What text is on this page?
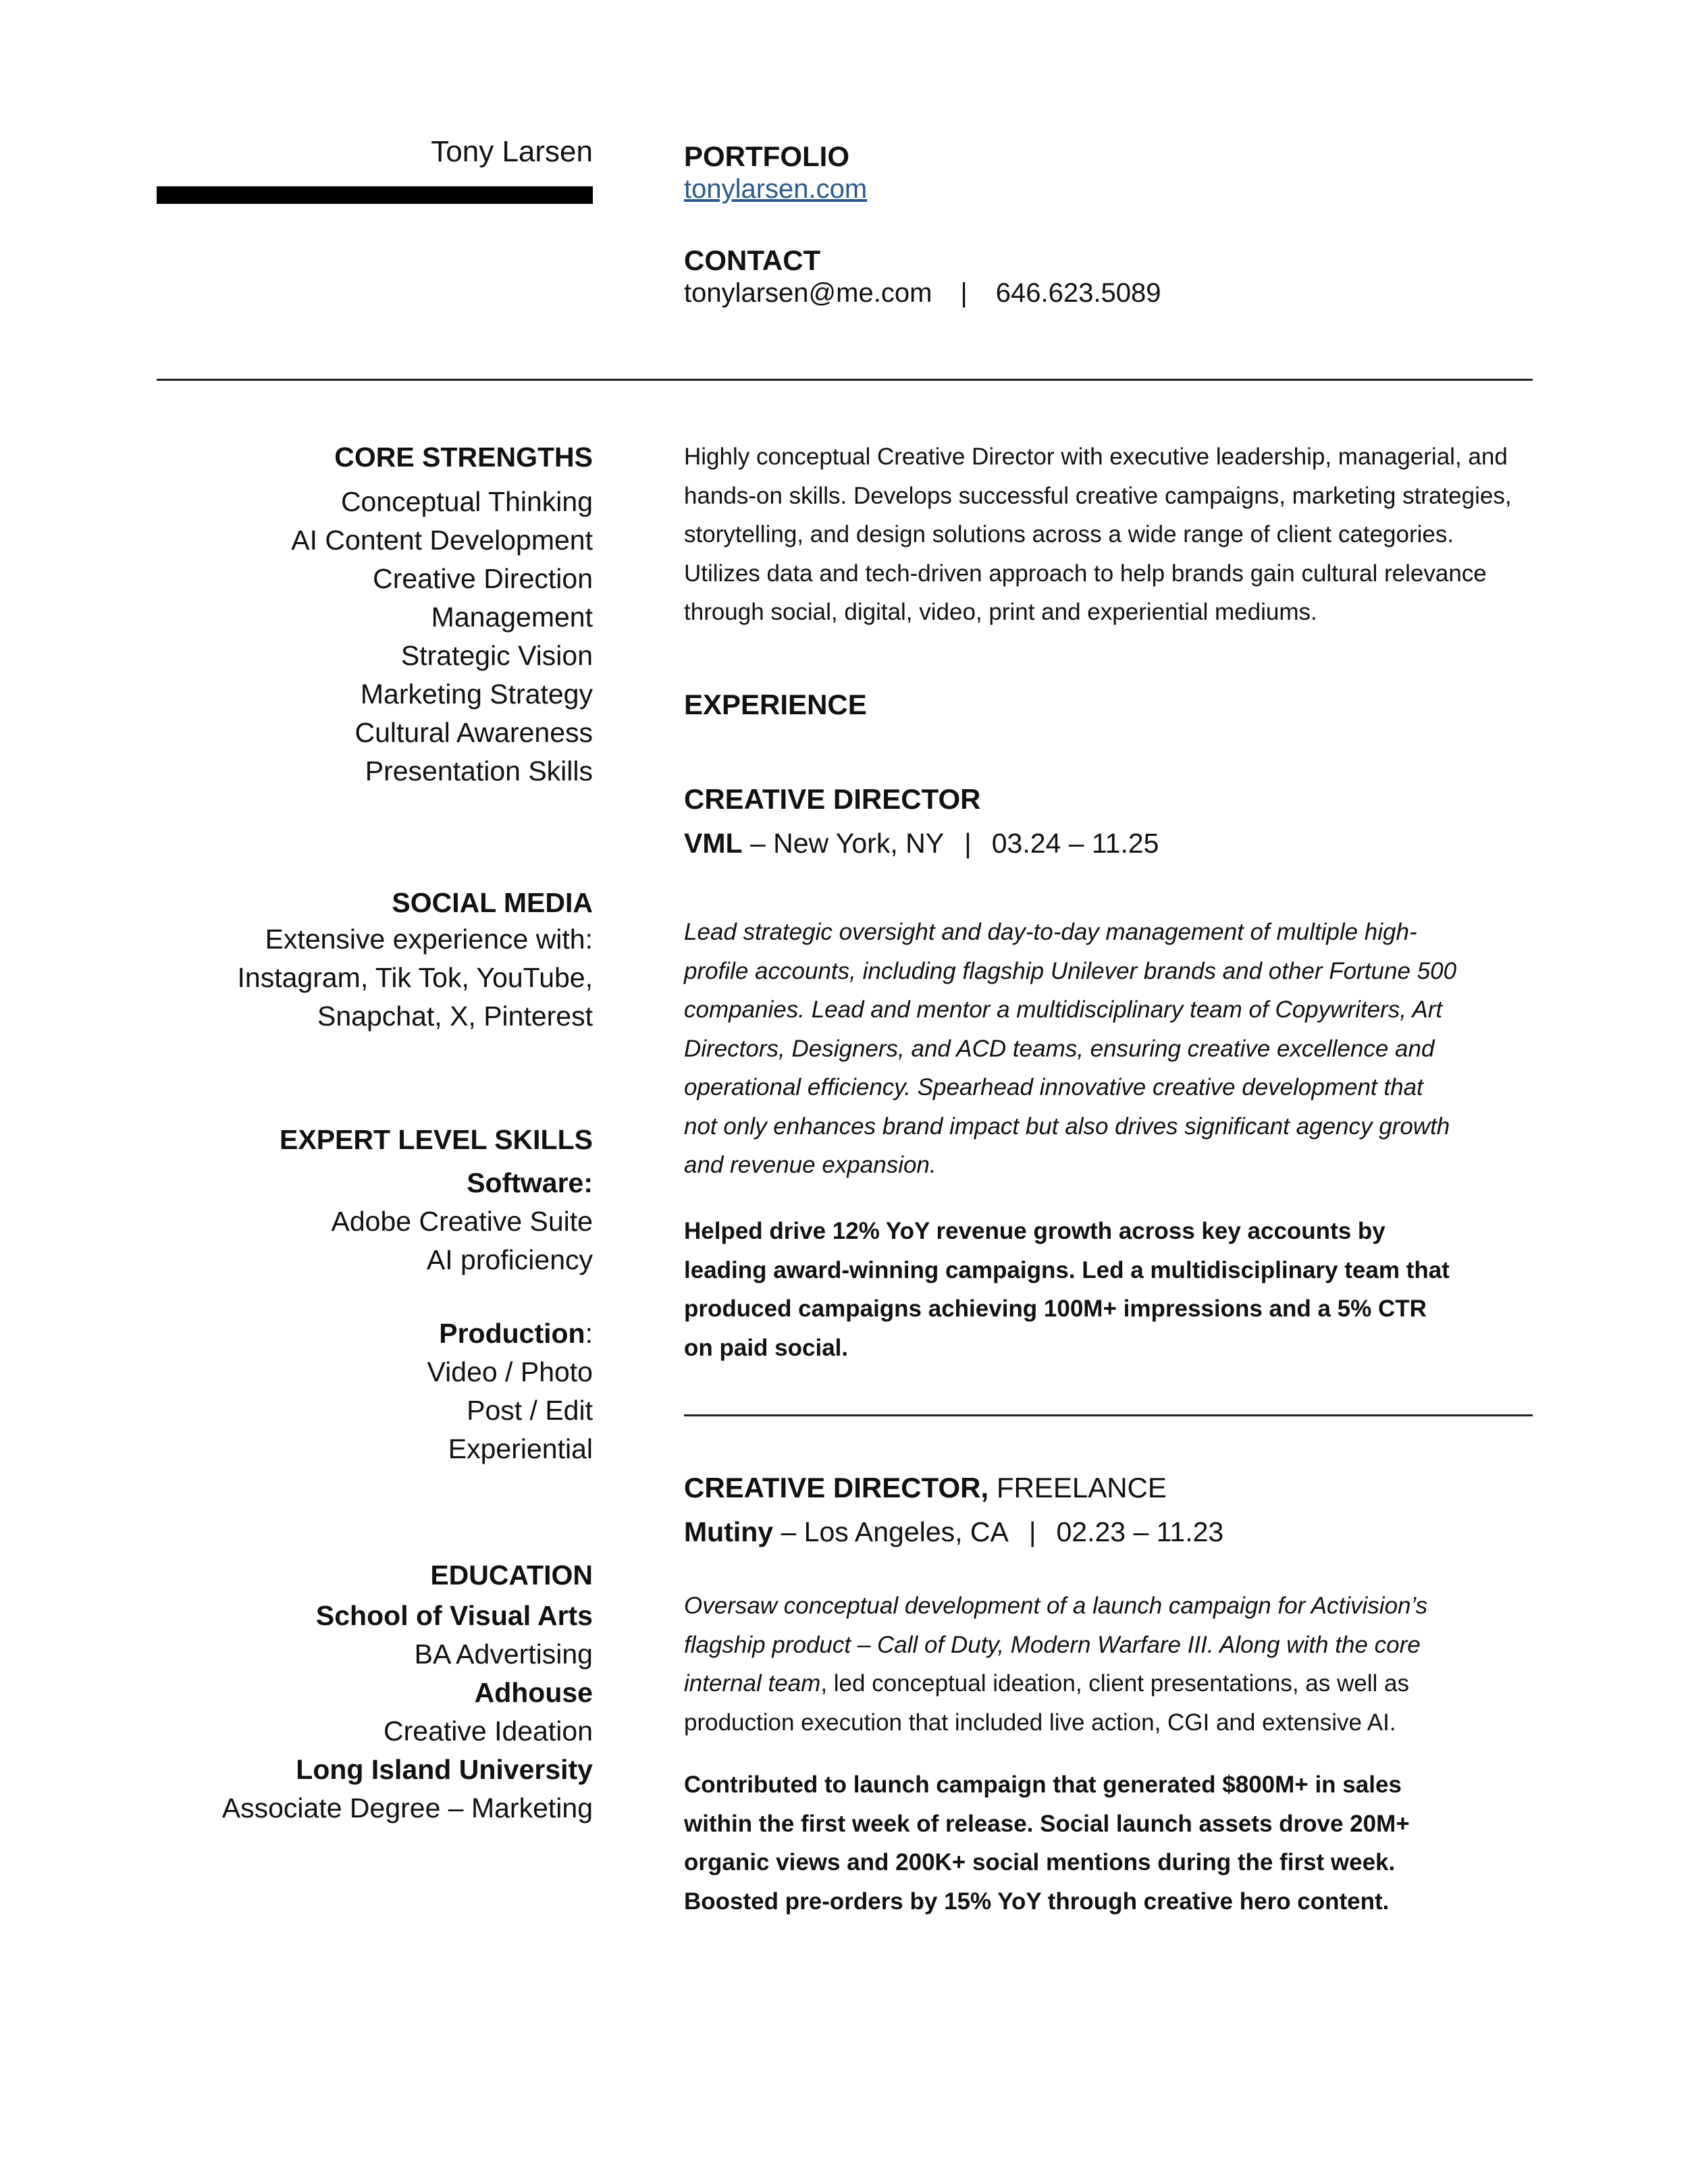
Tony Larsen	PORTFOLIO
tonylarsen.com
CONTACT
tonylarsen@me.com | 646.623.5089
CORE STRENGTHS
Conceptual Thinking
AI Content Development
Creative Direction
Management
Strategic Vision
Marketing Strategy
Cultural Awareness
Presentation Skills
SOCIAL MEDIA
Extensive experience with:
Instagram, Tik Tok, YouTube,
Snapchat, X, Pinterest
EXPERT LEVEL SKILLS
Software:
Adobe Creative Suite
AI proficiency
Production:
Video / Photo
Post / Edit
Experiential
EDUCATION
School of Visual Arts
BA Advertising
Adhouse
Creative Ideation
Long Island University
Associate Degree – Marketing
Highly conceptual Creative Director with executive leadership, managerial, and hands-on skills. Develops successful creative campaigns, marketing strategies, storytelling, and design solutions across a wide range of client categories. Utilizes data and tech-driven approach to help brands gain cultural relevance through social, digital, video, print and experiential mediums.
EXPERIENCE
CREATIVE DIRECTOR
VML – New York, NY | 03.24 – 11.25
Lead strategic oversight and day-to-day management of multiple high-profile accounts, including flagship Unilever brands and other Fortune 500 companies. Lead and mentor a multidisciplinary team of Copywriters, Art Directors, Designers, and ACD teams, ensuring creative excellence and operational efficiency. Spearhead innovative creative development that not only enhances brand impact but also drives significant agency growth and revenue expansion.
Helped drive 12% YoY revenue growth across key accounts by leading award-winning campaigns. Led a multidisciplinary team that produced campaigns achieving 100M+ impressions and a 5% CTR on paid social.
CREATIVE DIRECTOR, FREELANCE
Mutiny – Los Angeles, CA | 02.23 – 11.23
Oversaw conceptual development of a launch campaign for Activision’s flagship product – Call of Duty, Modern Warfare III. Along with the core internal team, led conceptual ideation, client presentations, as well as production execution that included live action, CGI and extensive AI.
Contributed to launch campaign that generated $800M+ in sales within the first week of release. Social launch assets drove 20M+ organic views and 200K+ social mentions during the first week. Boosted pre-orders by 15% YoY through creative hero content.
